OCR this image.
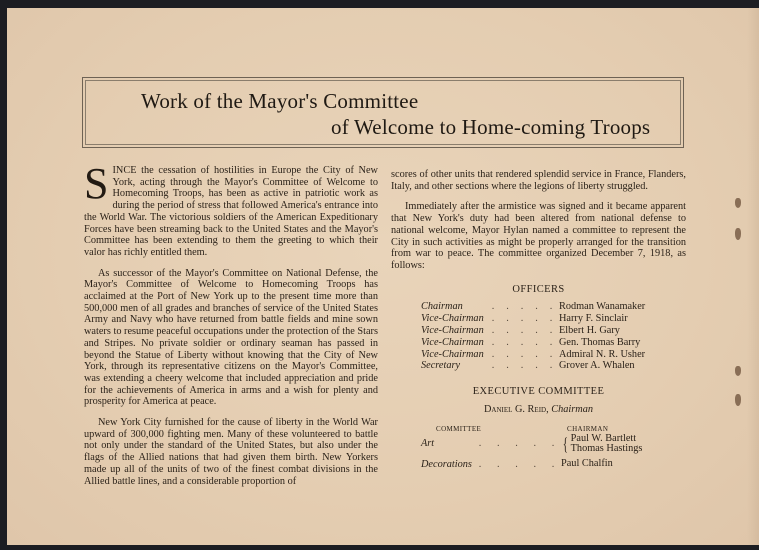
Work of the Mayor's Committee
of Welcome to Home-coming Troops

SINCE the cessation of hostilities in Europe the City of New York, acting through the Mayor's Committee of Welcome to Homecoming Troops, has been as active in patriotic work as during the period of stress that followed America's entrance into the World War. The victorious soldiers of the American Expeditionary Forces have been streaming back to the United States and the Mayor's Committee has been extending to them the greeting to which their valor has richly entitled them.

As successor of the Mayor's Committee on National Defense, the Mayor's Committee of Welcome to Homecoming Troops has acclaimed at the Port of New York up to the present time more than 500,000 men of all grades and branches of service of the United States Army and Navy who have returned from battle fields and mine sown waters to resume peaceful occupations under the protection of the Stars and Stripes. No private soldier or ordinary seaman has passed in beyond the Statue of Liberty without knowing that the City of New York, through its representative citizens on the Mayor's Committee, was extending a cheery welcome that included appreciation and pride for the achievements of America in arms and a wish for plenty and prosperity for America at peace.

New York City furnished for the cause of liberty in the World War upward of 300,000 fighting men. Many of these volunteered to battle not only under the standard of the United States, but also under the flags of the Allied nations that had given them birth. New Yorkers made up all of the units of two of the finest combat divisions in the Allied battle lines, and a considerable proportion of

scores of other units that rendered splendid service in France, Flanders, Italy, and other sections where the legions of liberty struggled.

Immediately after the armistice was signed and it became apparent that New York's duty had been altered from national defense to national welcome, Mayor Hylan named a committee to represent the City in such activities as might be properly arranged for the transition from war to peace. The committee organized December 7, 1918, as follows:

OFFICERS
Chairman	. . . . . Rodman Wanamaker
Vice-Chairman . . . . . Harry F. Sinclair
Vice-Chairman . . . . . Elbert H. Gary
Vice-Chairman . . . . . Gen. Thomas Barry
Vice-Chairman . . . . . Admiral N. R. Usher
Secretary	. . . . . Grover A. Whalen
EXECUTIVE COMMITTEE
Daniel G. Reid, Chairman
COMMITTEE	CHAIRMAN
Art	. . . . . { Paul W. Bartlett
Thomas Hastings
Decorations . . . . . Paul Chalfin
